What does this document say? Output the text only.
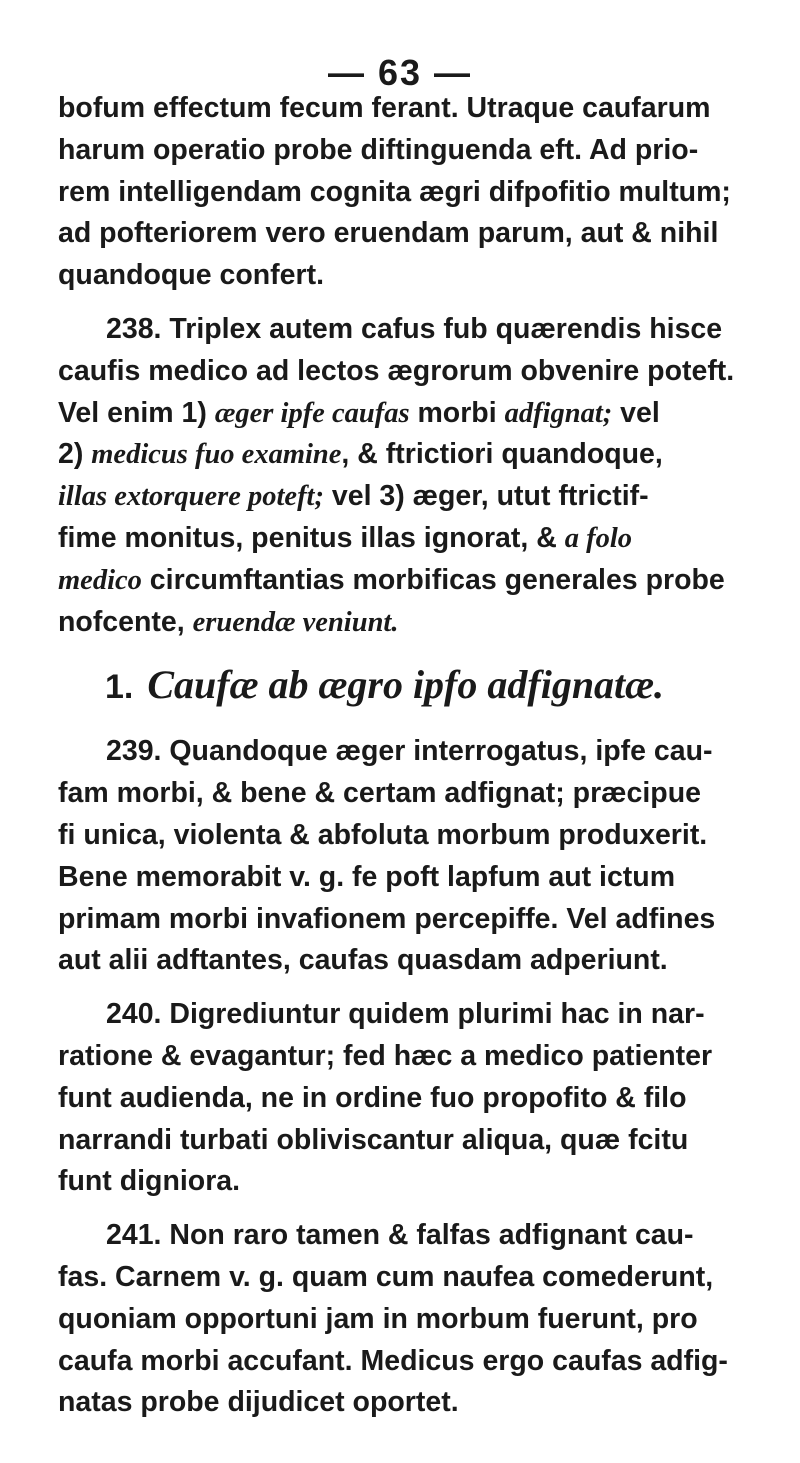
— 63 —
bofum effectum fecum ferant. Utraque caufarum
harum operatio probe diftinguenda eft. Ad prio-
rem intelligendam cognita ægri difpofitio multum;
ad pofteriorem vero eruendam parum, aut & nihil
quandoque confert.
238. Triplex autem cafus fub quærendis hisce
caufis medico ad lectos ægrorum obvenire poteft.
Vel enim 1) æger ipfe caufas morbi adfignat; vel
2) medicus fuo examine, & ftrictiori quandoque,
illas extorquere poteft; vel 3) æger, utut ftrictif-
fime monitus, penitus illas ignorat, & a folo
medico circumftantias morbificas generales probe
nofcente, eruendæ veniunt.
1. Caufæ ab ægro ipfo adfignatæ.
239. Quandoque æger interrogatus, ipfe cau-
fam morbi, & bene & certam adfignat; præcipue
fi unica, violenta & abfoluta morbum produxerit.
Bene memorabit v. g. fe poft lapfum aut ictum
primam morbi invafionem percepiffe. Vel adfines
aut alii adftantes, caufas quasdam adperiunt.
240. Digrediuntur quidem plurimi hac in nar-
ratione & evagantur; fed hæc a medico patienter
funt audienda, ne in ordine fuo propofito & filo
narrandi turbati obliviscantur aliqua, quæ fcitu
funt digniora.
241. Non raro tamen & falfas adfignant cau-
fas. Carnem v. g. quam cum naufea comederunt,
quoniam opportuni jam in morbum fuerunt, pro
caufa morbi accufant. Medicus ergo caufas adfig-
natas probe dijudicet oportet.
